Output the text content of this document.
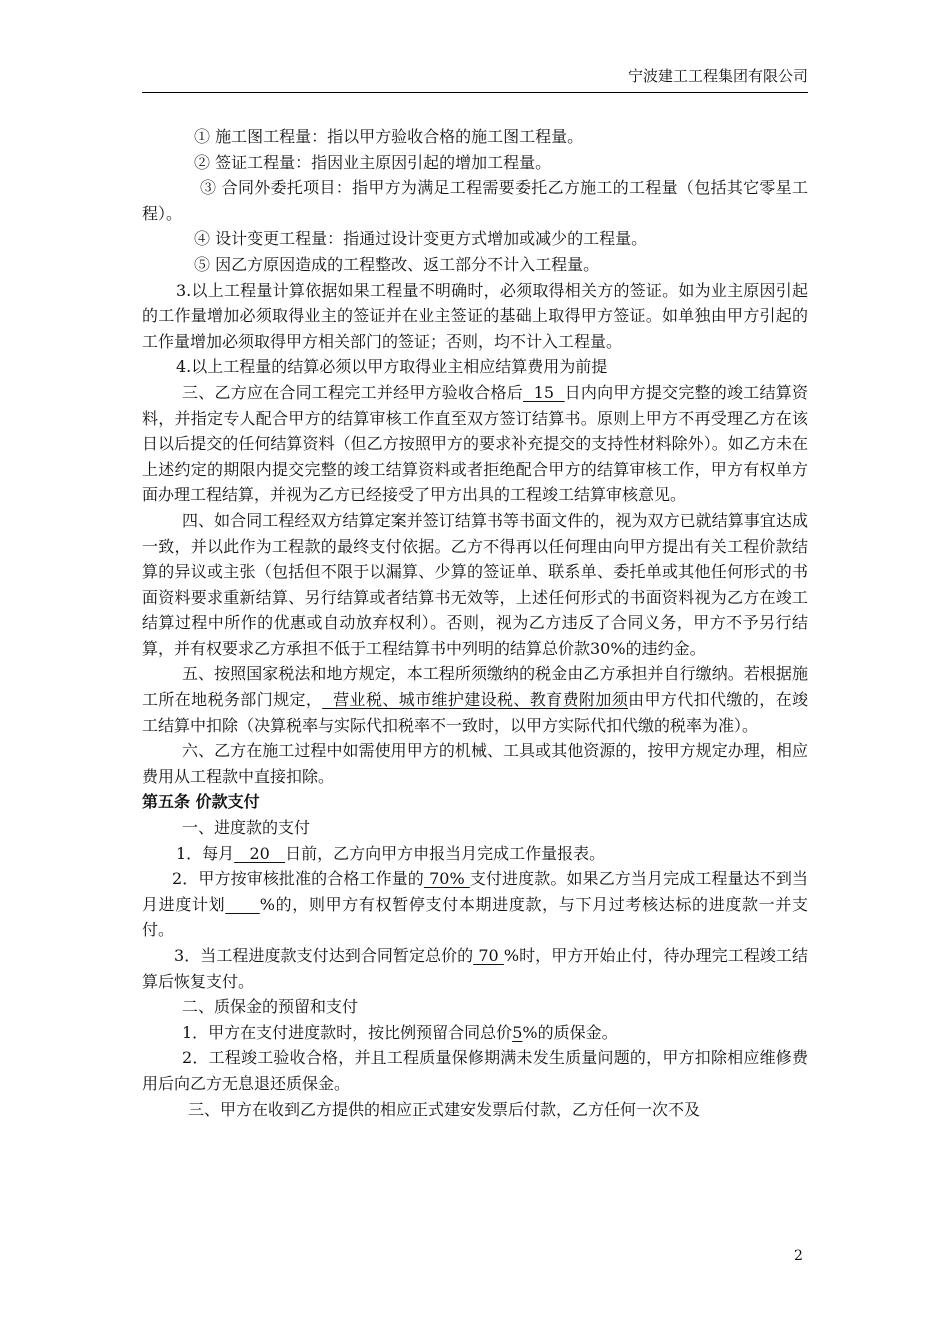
宁波建工工程集团有限公司

① 施工图工程量：指以甲方验收合格的施工图工程量。

② 签证工程量：指因业主原因引起的增加工程量。

③ 合同外委托项目：指甲方为满足工程需要委托乙方施工的工程量（包括其它零星工程）。

④ 设计变更工程量：指通过设计变更方式增加或减少的工程量。

⑤ 因乙方原因造成的工程整改、返工部分不计入工程量。

3.以上工程量计算依据如果工程量不明确时，必须取得相关方的签证。如为业主原因引起的工作量增加必须取得业主的签证并在业主签证的基础上取得甲方签证。如单独由甲方引起的工作量增加必须取得甲方相关部门的签证；否则，均不计入工程量。

4.以上工程量的结算必须以甲方取得业主相应结算费用为前提

三、乙方应在合同工程完工并经甲方验收合格后  15  日内向甲方提交完整的竣工结算资料，并指定专人配合甲方的结算审核工作直至双方签订结算书。原则上甲方不再受理乙方在该日以后提交的任何结算资料（但乙方按照甲方的要求补充提交的支持性材料除外）。如乙方未在上述约定的期限内提交完整的竣工结算资料或者拒绝配合甲方的结算审核工作，甲方有权单方面办理工程结算，并视为乙方已经接受了甲方出具的工程竣工结算审核意见。

四、如合同工程经双方结算定案并签订结算书等书面文件的，视为双方已就结算事宜达成一致，并以此作为工程款的最终支付依据。乙方不得再以任何理由向甲方提出有关工程价款结算的异议或主张（包括但不限于以漏算、少算的签证单、联系单、委托单或其他任何形式的书面资料要求重新结算、另行结算或者结算书无效等，上述任何形式的书面资料视为乙方在竣工结算过程中所作的优惠或自动放弃权利）。否则，视为乙方违反了合同义务，甲方不予另行结算，并有权要求乙方承担不低于工程结算书中列明的结算总价款30%的违约金。

五、按照国家税法和地方规定，本工程所须缴纳的税金由乙方承担并自行缴纳。若根据施工所在地税务部门规定，  营业税、城市维护建设税、教育费附加须由甲方代扣代缴的，在竣工结算中扣除（决算税率与实际代扣税率不一致时，以甲方实际代扣代缴的税率为准）。

六、乙方在施工过程中如需使用甲方的机械、工具或其他资源的，按甲方规定办理，相应费用从工程款中直接扣除。

第五条 价款支付

一、进度款的支付

1．每月   20   日前，乙方向甲方申报当月完成工作量报表。

2．甲方按审核批准的合格工作量的 70% 支付进度款。如果乙方当月完成工程量达不到当月进度计划 %的，则甲方有权暂停支付本期进度款，与下月过考核达标的进度款一并支付。

3．当工程进度款支付达到合同暂定总价的 70 %时，甲方开始止付，待办理完工程竣工结算后恢复支付。

二、质保金的预留和支付

1．甲方在支付进度款时，按比例预留合同总价5%的质保金。

2．工程竣工验收合格，并且工程质量保修期满未发生质量问题的，甲方扣除相应维修费用后向乙方无息退还质保金。

三、甲方在收到乙方提供的相应正式建安发票后付款，乙方任何一次不及

2
